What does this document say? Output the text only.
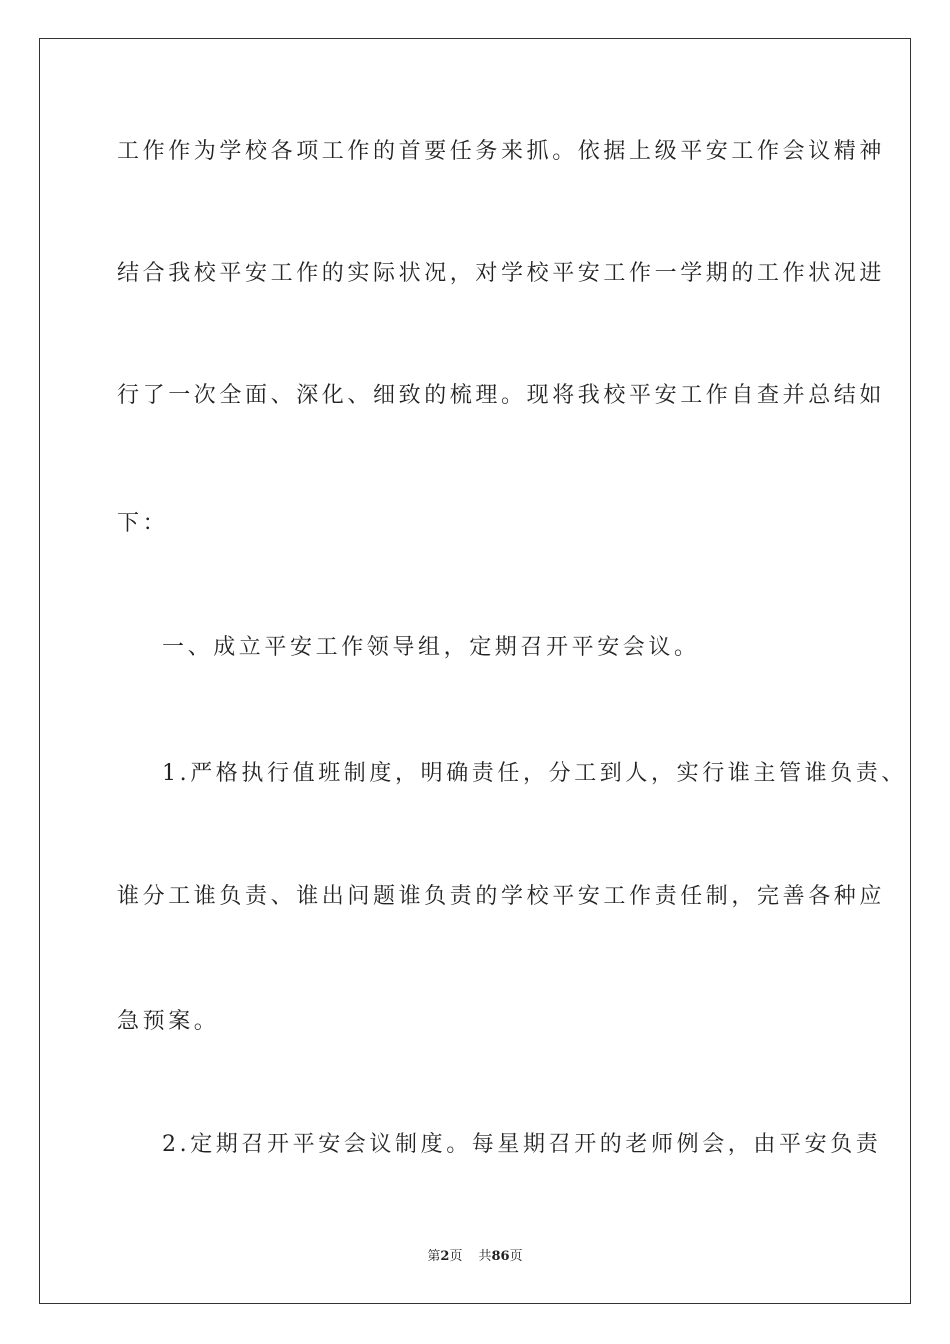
工作作为学校各项工作的首要任务来抓。依据上级平安工作会议精神

结合我校平安工作的实际状况，对学校平安工作一学期的工作状况进

行了一次全面、深化、细致的梳理。现将我校平安工作自查并总结如

下：

一、成立平安工作领导组，定期召开平安会议。

1.严格执行值班制度，明确责任，分工到人，实行谁主管谁负责、

谁分工谁负责、谁出问题谁负责的学校平安工作责任制，完善各种应

急预案。

2.定期召开平安会议制度。每星期召开的老师例会，由平安负责

第2页 共86页
